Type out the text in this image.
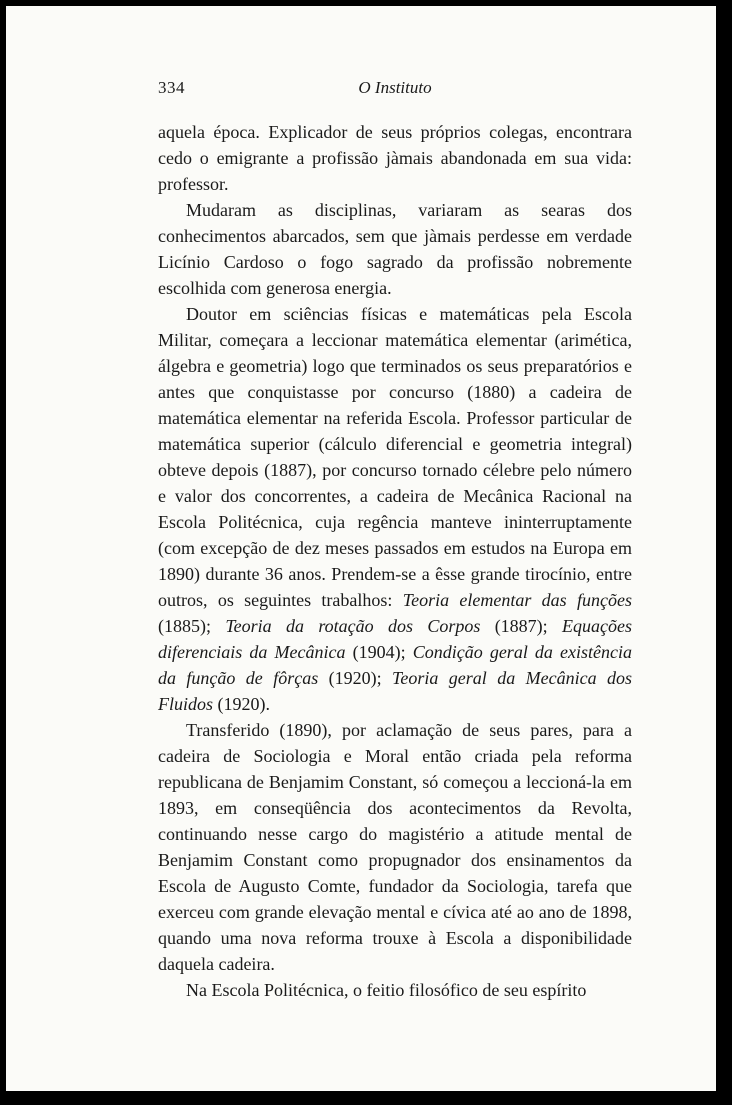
334	O Instituto

aquela época. Explicador de seus próprios colegas, encontrara cedo o emigrante a profissão jàmais abandonada em sua vida: professor.

Mudaram as disciplinas, variaram as searas dos conhecimentos abarcados, sem que jàmais perdesse em verdade Licínio Cardoso o fogo sagrado da profissão nobremente escolhida com generosa energia.

Doutor em sciências físicas e matemáticas pela Escola Militar, começara a leccionar matemática elementar (arimética, álgebra e geometria) logo que terminados os seus preparatórios e antes que conquistasse por concurso (1880) a cadeira de matemática elementar na referida Escola. Professor particular de matemática superior (cálculo diferencial e geometria integral) obteve depois (1887), por concurso tornado célebre pelo número e valor dos concorrentes, a cadeira de Mecânica Racional na Escola Politécnica, cuja regência manteve ininterruptamente (com excepção de dez meses passados em estudos na Europa em 1890) durante 36 anos. Prendem-se a êsse grande tirocínio, entre outros, os seguintes trabalhos: Teoria elementar das funções (1885); Teoria da rotação dos Corpos (1887); Equações diferenciais da Mecânica (1904); Condição geral da existência da função de fôrças (1920); Teoria geral da Mecânica dos Fluidos (1920).

Transferido (1890), por aclamação de seus pares, para a cadeira de Sociologia e Moral então criada pela reforma republicana de Benjamim Constant, só começou a leccioná-la em 1893, em conseqüência dos acontecimentos da Revolta, continuando nesse cargo do magistério a atitude mental de Benjamim Constant como propugnador dos ensinamentos da Escola de Augusto Comte, fundador da Sociologia, tarefa que exerceu com grande elevação mental e cívica até ao ano de 1898, quando uma nova reforma trouxe à Escola a disponibilidade daquela cadeira.

Na Escola Politécnica, o feitio filosófico de seu espírito
